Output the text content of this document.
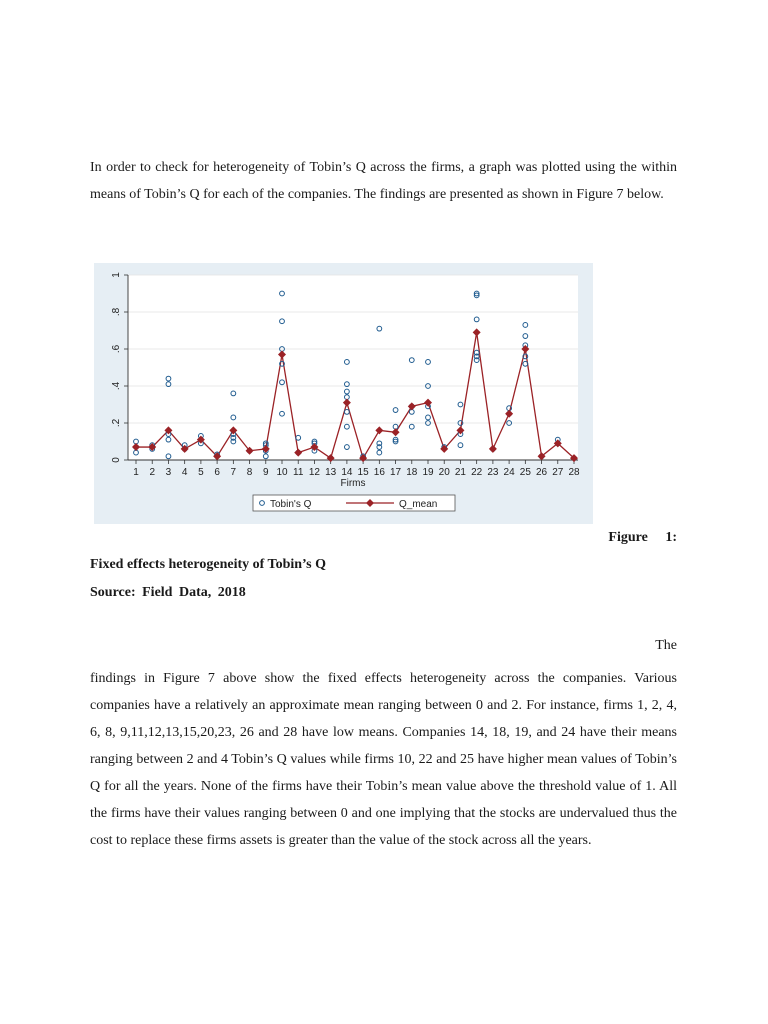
In order to check for heterogeneity of Tobin’s Q across the firms, a graph was plotted using the within means of Tobin’s Q for each of the companies. The findings are presented as shown in Figure 7 below.

0
.2
.4
.6
.8
1
1 2 3 4 5 6 7 8 9 10 11 12 13 14 15 16 17 18 19 20 21 22 23 24 25 26 27 28
Firms
Tobin's Q	Q_mean
Figure 1:
Fixed effects heterogeneity of Tobin’s Q
Source: Field Data, 2018
The

findings in Figure 7 above show the fixed effects heterogeneity across the companies. Various companies have a relatively an approximate mean ranging between 0 and 2. For instance, firms 1, 2, 4, 6, 8, 9,11,12,13,15,20,23, 26 and 28 have low means. Companies 14, 18, 19, and 24 have their means ranging between 2 and 4 Tobin’s Q values while firms 10, 22 and 25 have higher mean values of Tobin’s Q for all the years. None of the firms have their Tobin’s mean value above the threshold value of 1. All the firms have their values ranging between 0 and one implying that the stocks are undervalued thus the cost to replace these firms assets is greater than the value of the stock across all the years.
